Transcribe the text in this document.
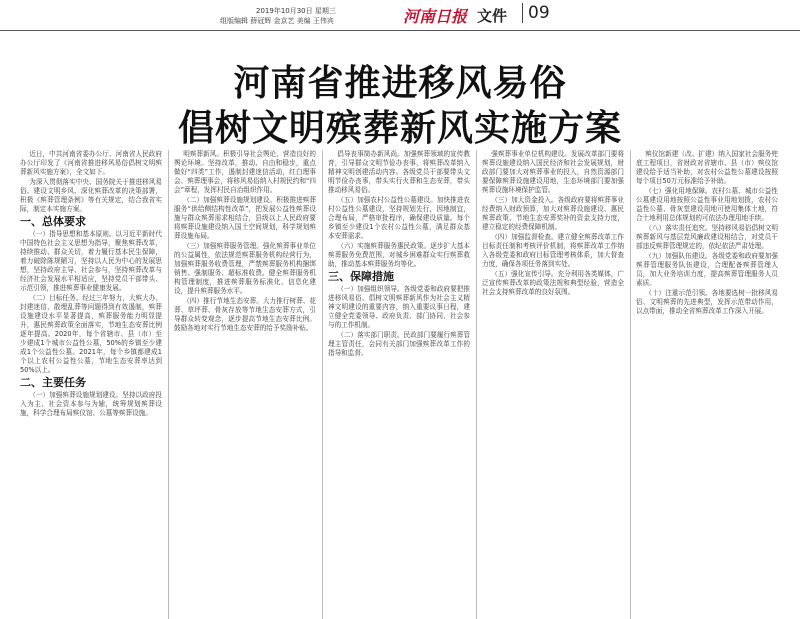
2019年10月30日 星期三
组版编辑 薛冠辉 金京艺 美编 王伟宾	河南日报 文件	09
河南省推进移风易俗
倡树文明殡葬新风实施方案

近日，中共河南省委办公厅、河南省人民政府办公厅印发了《河南省推进移风易俗倡树文明殡葬新风实施方案》，全文如下。

为深入贯彻落实中央、国务院关于推进移风易俗、建设文明乡风、深化殡葬改革的决策部署，积极《殡葬管理条例》等有关规定，结合我省实际，制定本实施方案。

一、总体要求

（一）指导思想和基本原则。以习近平新时代中国特色社会主义思想为指导，聚焦殡葬改革，持续推动、群众关切，着力履行基本民生保障，着力破除陈规陋习，坚持以人民为中心的发展思想，坚持政府主导、社会参与，坚持殡葬改革与经济社会发展水平相适应，坚持党员干部带头、示范引领，推进殡葬事业健康发展。

（二）目标任务。经过三年努力，大殡大办、封建迷信、散埋乱葬等问题得到有效遏制，殡葬设施建设水平显著提高，殡葬服务能力明显提升，惠民殡葬政策全面落实，节地生态安葬比例逐年提高。2020年，每个省辖市、县（市）至少建成1个城市公益性公墓，50%的乡镇至少建成1个公益性公墓。2021年，每个乡镇都建成1个以上农村公益性公墓，节地生态安葬率达到50%以上。

二、主要任务

（一）加强殡葬设施规划建设。坚持以政府投入为主、社会资本参与为辅，统筹规划殡葬设施，科学合理布局殡仪馆、公墓等殡葬设施。

明殡葬新风。积极引导社会舆论，营造良好的舆论环境。坚持改革，推动、自由和稳步，重点做好“四类”工作，遏制封建迷信活动，红白理事会、殡葬理事会，将移风易俗纳入村规民约和“四会”章程，发挥村民自治组织作用。

（二）加强殡葬设施规划建设。积极推进殡葬服务“供给侧结构性改革”，把发展公益性殡葬设施与群众殡葬需求相结合，县级以上人民政府要将殡葬设施建设纳入国土空间规划，科学规划殡葬设施布局。

（三）加强殡葬服务管理。强化殡葬事业单位的公益属性，依法规范殡葬服务机构经营行为，加强殡葬服务收费管理，严禁殡葬服务机构捆绑销售、强制服务、超标准收费。健全殡葬服务机构管理制度，推进殡葬服务标准化、信息化建设，提升殡葬服务水平。

（四）推行节地生态安葬。大力推行树葬、花葬、草坪葬、骨灰存放等节地生态安葬方式，引导群众转变观念，逐步提高节地生态安葬比例。鼓励各地对实行节地生态安葬的给予奖励补贴。

倡导丧事简办新风尚。加强殡葬领域的宣传教育，引导群众文明节俭办丧事，将殡葬改革纳入精神文明创建活动内容。各级党员干部要带头文明节俭办丧事，带头实行火葬和生态安葬，带头推动移风易俗。

（五）加强农村公益性公墓建设。加快推进农村公益性公墓建设，坚持规划先行，因地制宜，合理布局，严格审批程序，确保建设质量。每个乡镇至少建设1个农村公益性公墓，满足群众基本安葬需求。

（六）实施殡葬服务惠民政策。逐步扩大基本殡葬服务免费范围，对城乡困难群众实行殡葬救助，推动基本殡葬服务均等化。

三、保障措施

（一）加强组织领导。各级党委和政府要把推进移风易俗、倡树文明殡葬新风作为社会主义精神文明建设的重要内容，纳入重要议事日程，建立健全党委领导、政府负责、部门协同、社会参与的工作机制。

（二）落实部门职责。民政部门要履行殡葬管理主管责任，会同有关部门加强殡葬改革工作的指导和监督。

强殡葬事业单位机构建设。发展改革部门要将殡葬设施建设纳入国民经济和社会发展规划，财政部门要加大对殡葬事业的投入，自然资源部门要保障殡葬设施建设用地，生态环境部门要加强殡葬设施环境保护监管。

（三）加大资金投入。各级政府要将殡葬事业经费纳入财政预算，加大对殡葬设施建设、惠民殡葬政策、节地生态安葬奖补的资金支持力度，建立稳定的经费保障机制。

（四）加强监督检查。建立健全殡葬改革工作目标责任制和考核评价机制，将殡葬改革工作纳入各级党委和政府目标管理考核体系，加大督查力度，确保各项任务落到实处。

（五）强化宣传引导。充分利用各类媒体，广泛宣传殡葬改革的政策法规和典型经验，营造全社会支持殡葬改革的良好氛围。

殡仪馆新建（改、扩建）纳入国家社会服务兜底工程项目，省财政对省辖市、县（市）殡仪馆建设给予适当补助，对农村公益性公墓建设按照每个项目50万元标准给予补助。

（七）强化用地保障。农村公墓、城市公益性公墓建设用地按照公益性事业用地划拨，农村公益性公墓、骨灰堂建设用地可使用集体土地，符合土地利用总体规划的可依法办理用地手续。

（八）落实责任追究。坚持移风易俗倡树文明殡葬新风与基层党风廉政建设相结合，对党员干部违反殡葬管理规定的，依纪依法严肃处理。

（九）加强队伍建设。各级党委和政府要加强殡葬管理服务队伍建设，合理配备殡葬管理人员，加大业务培训力度，提高殡葬管理服务人员素质。

（十）注重示范引领。各地要选树一批移风易俗、文明殡葬的先进典型，发挥示范带动作用，以点带面，推动全省殡葬改革工作深入开展。
